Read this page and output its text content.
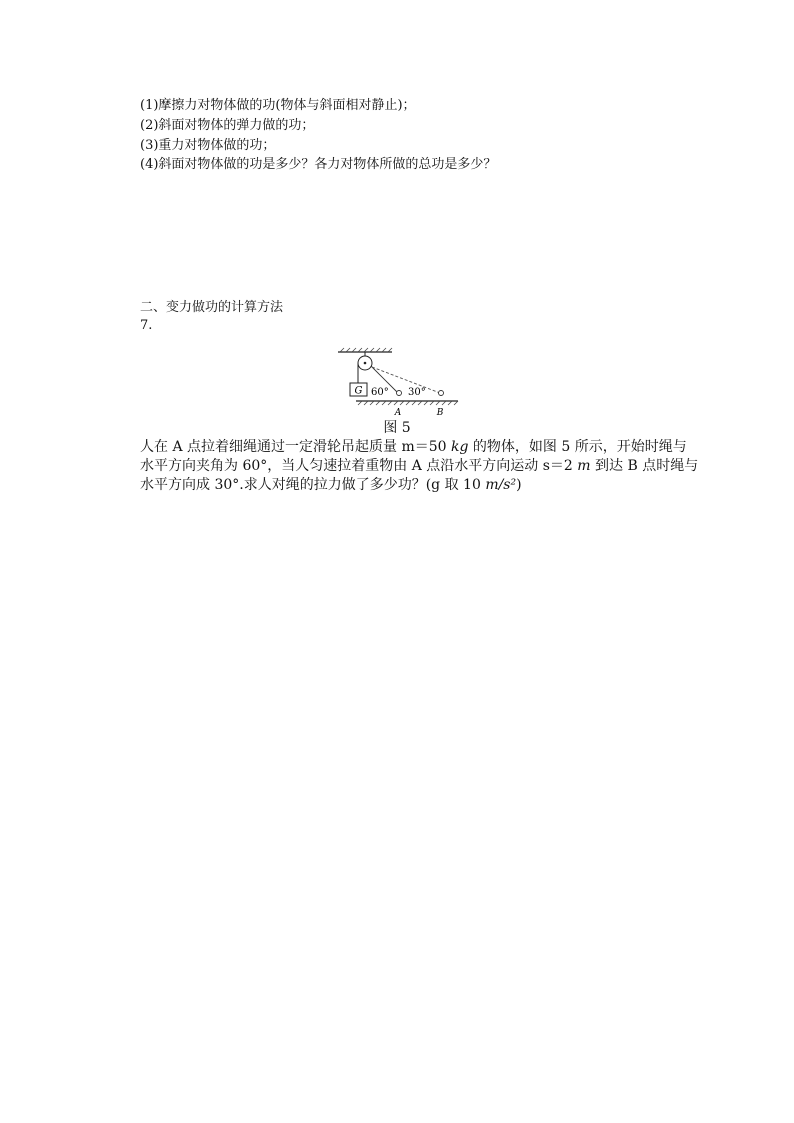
(1)摩擦力对物体做的功(物体与斜面相对静止)；
(2)斜面对物体的弹力做的功；
(3)重力对物体做的功；
(4)斜面对物体做的功是多少？各力对物体所做的总功是多少？
二、变力做功的计算方法
7.
G 60° 30°
A	B
图 5
人在 A 点拉着细绳通过一定滑轮吊起质量 m＝50 kg 的物体，如图 5 所示，开始时绳与
水平方向夹角为 60°，当人匀速拉着重物由 A 点沿水平方向运动 s＝2 m 到达 B 点时绳与
水平方向成 30°.求人对绳的拉力做了多少功？(g 取 10 m/s²)
